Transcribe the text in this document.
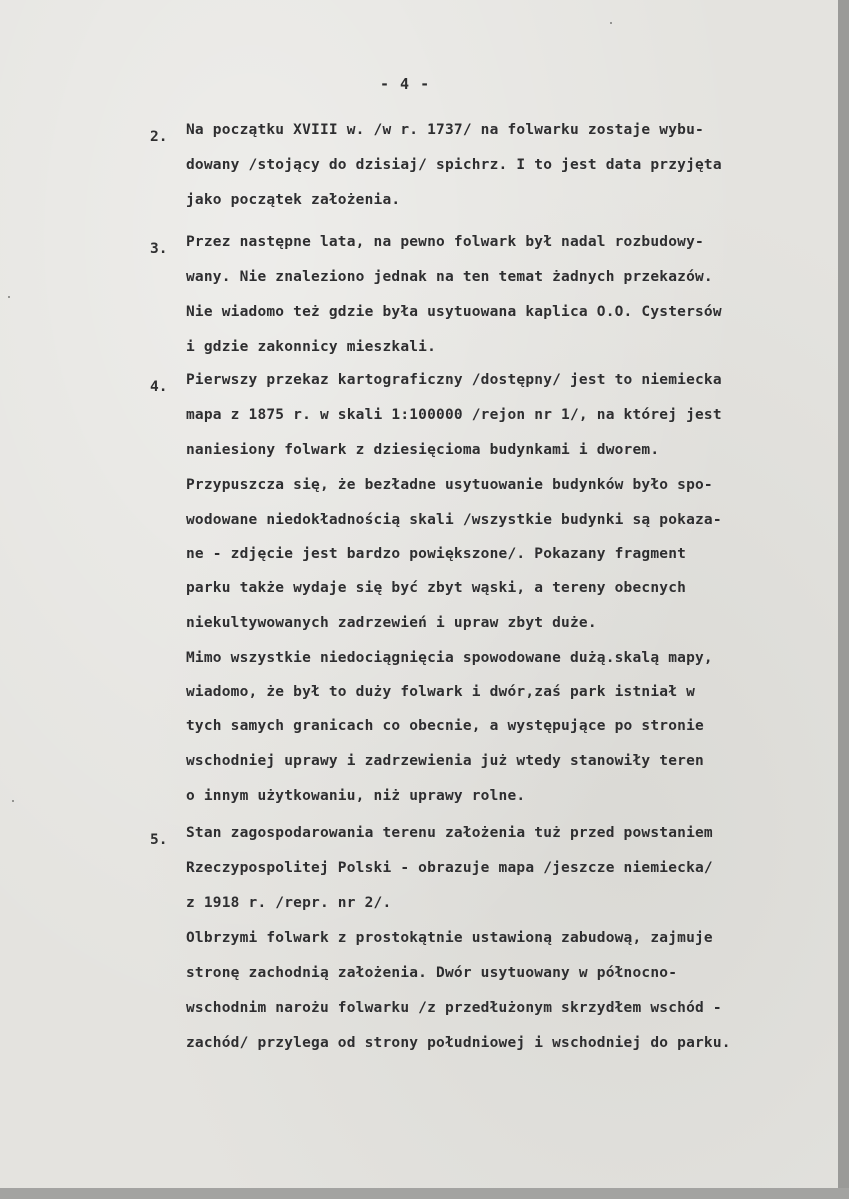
- 4 -
2. Na początku XVIII w. /w r. 1737/ na folwarku zostaje wybu-
dowany /stojący do dzisiaj/ spichrz. I to jest data przyjęta
jako początek założenia.
3. Przez następne lata, na pewno folwark był nadal rozbudowy-
wany. Nie znaleziono jednak na ten temat żadnych przekazów.
Nie wiadomo też gdzie była usytuowana kaplica O.O. Cystersów
i gdzie zakonnicy mieszkali.
4. Pierwszy przekaz kartograficzny /dostępny/ jest to niemiecka
mapa z 1875 r. w skali 1:100000 /rejon nr 1/, na której jest
naniesiony folwark z dziesięcioma budynkami i dworem.
Przypuszcza się, że bezładne usytuowanie budynków było spo-
wodowane niedokładnością skali /wszystkie budynki są pokaza-
ne - zdjęcie jest bardzo powiększone/. Pokazany fragment
parku także wydaje się być zbyt wąski, a tereny obecnych
niekultywowanych zadrzewień i upraw zbyt duże.
Mimo wszystkie niedociągnięcia spowodowane dużą.skalą mapy,
wiadomo, że był to duży folwark i dwór,zaś park istniał w
tych samych granicach co obecnie, a występujące po stronie
wschodniej uprawy i zadrzewienia już wtedy stanowiły teren
o innym użytkowaniu, niż uprawy rolne.
5. Stan zagospodarowania terenu założenia tuż przed powstaniem
Rzeczypospolitej Polski - obrazuje mapa /jeszcze niemiecka/
z 1918 r. /repr. nr 2/.
Olbrzymi folwark z prostokątnie ustawioną zabudową, zajmuje
stronę zachodnią założenia. Dwór usytuowany w północno-
wschodnim narożu folwarku /z przedłużonym skrzydłem wschód -
zachód/ przylega od strony południowej i wschodniej do parku.
